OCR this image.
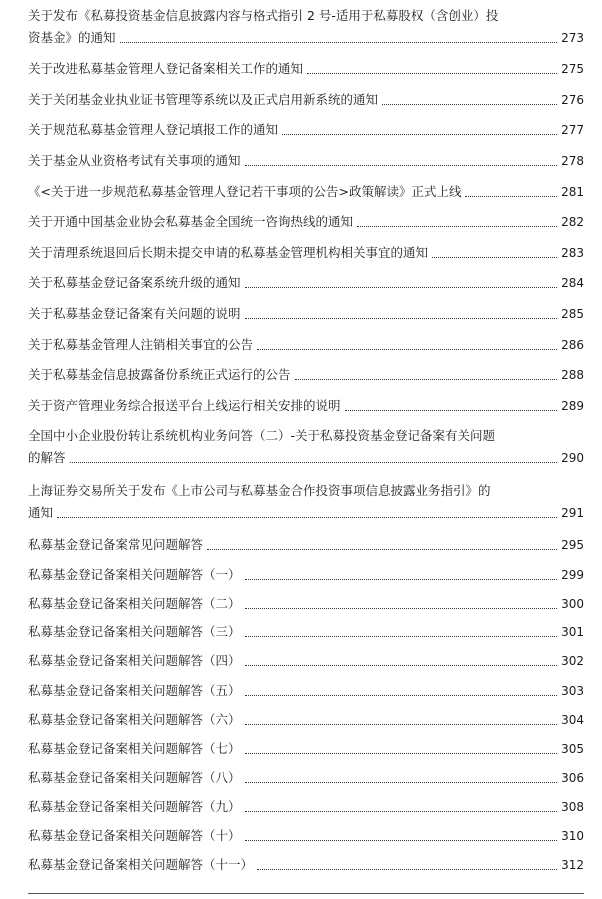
关于发布《私募投资基金信息披露内容与格式指引 2 号-适用于私募股权（含创业）投
资基金》的通知	273
关于改进私募基金管理人登记备案相关工作的通知	275
关于关闭基金业执业证书管理等系统以及正式启用新系统的通知	276
关于规范私募基金管理人登记填报工作的通知	277
关于基金从业资格考试有关事项的通知	278
《<关于进一步规范私募基金管理人登记若干事项的公告>政策解读》正式上线	281
关于开通中国基金业协会私募基金全国统一咨询热线的通知	282
关于清理系统退回后长期未提交申请的私募基金管理机构相关事宜的通知	283
关于私募基金登记备案系统升级的通知	284
关于私募基金登记备案有关问题的说明	285
关于私募基金管理人注销相关事宜的公告	286
关于私募基金信息披露备份系统正式运行的公告	288
关于资产管理业务综合报送平台上线运行相关安排的说明	289
全国中小企业股份转让系统机构业务问答（二）-关于私募投资基金登记备案有关问题
的解答	290
上海证券交易所关于发布《上市公司与私募基金合作投资事项信息披露业务指引》的
通知	291
私募基金登记备案常见问题解答	295
私募基金登记备案相关问题解答（一）	299
私募基金登记备案相关问题解答（二）	300
私募基金登记备案相关问题解答（三）	301
私募基金登记备案相关问题解答（四）	302
私募基金登记备案相关问题解答（五）	303
私募基金登记备案相关问题解答（六）	304
私募基金登记备案相关问题解答（七）	305
私募基金登记备案相关问题解答（八）	306
私募基金登记备案相关问题解答（九）	308
私募基金登记备案相关问题解答（十）	310
私募基金登记备案相关问题解答（十一）	312
